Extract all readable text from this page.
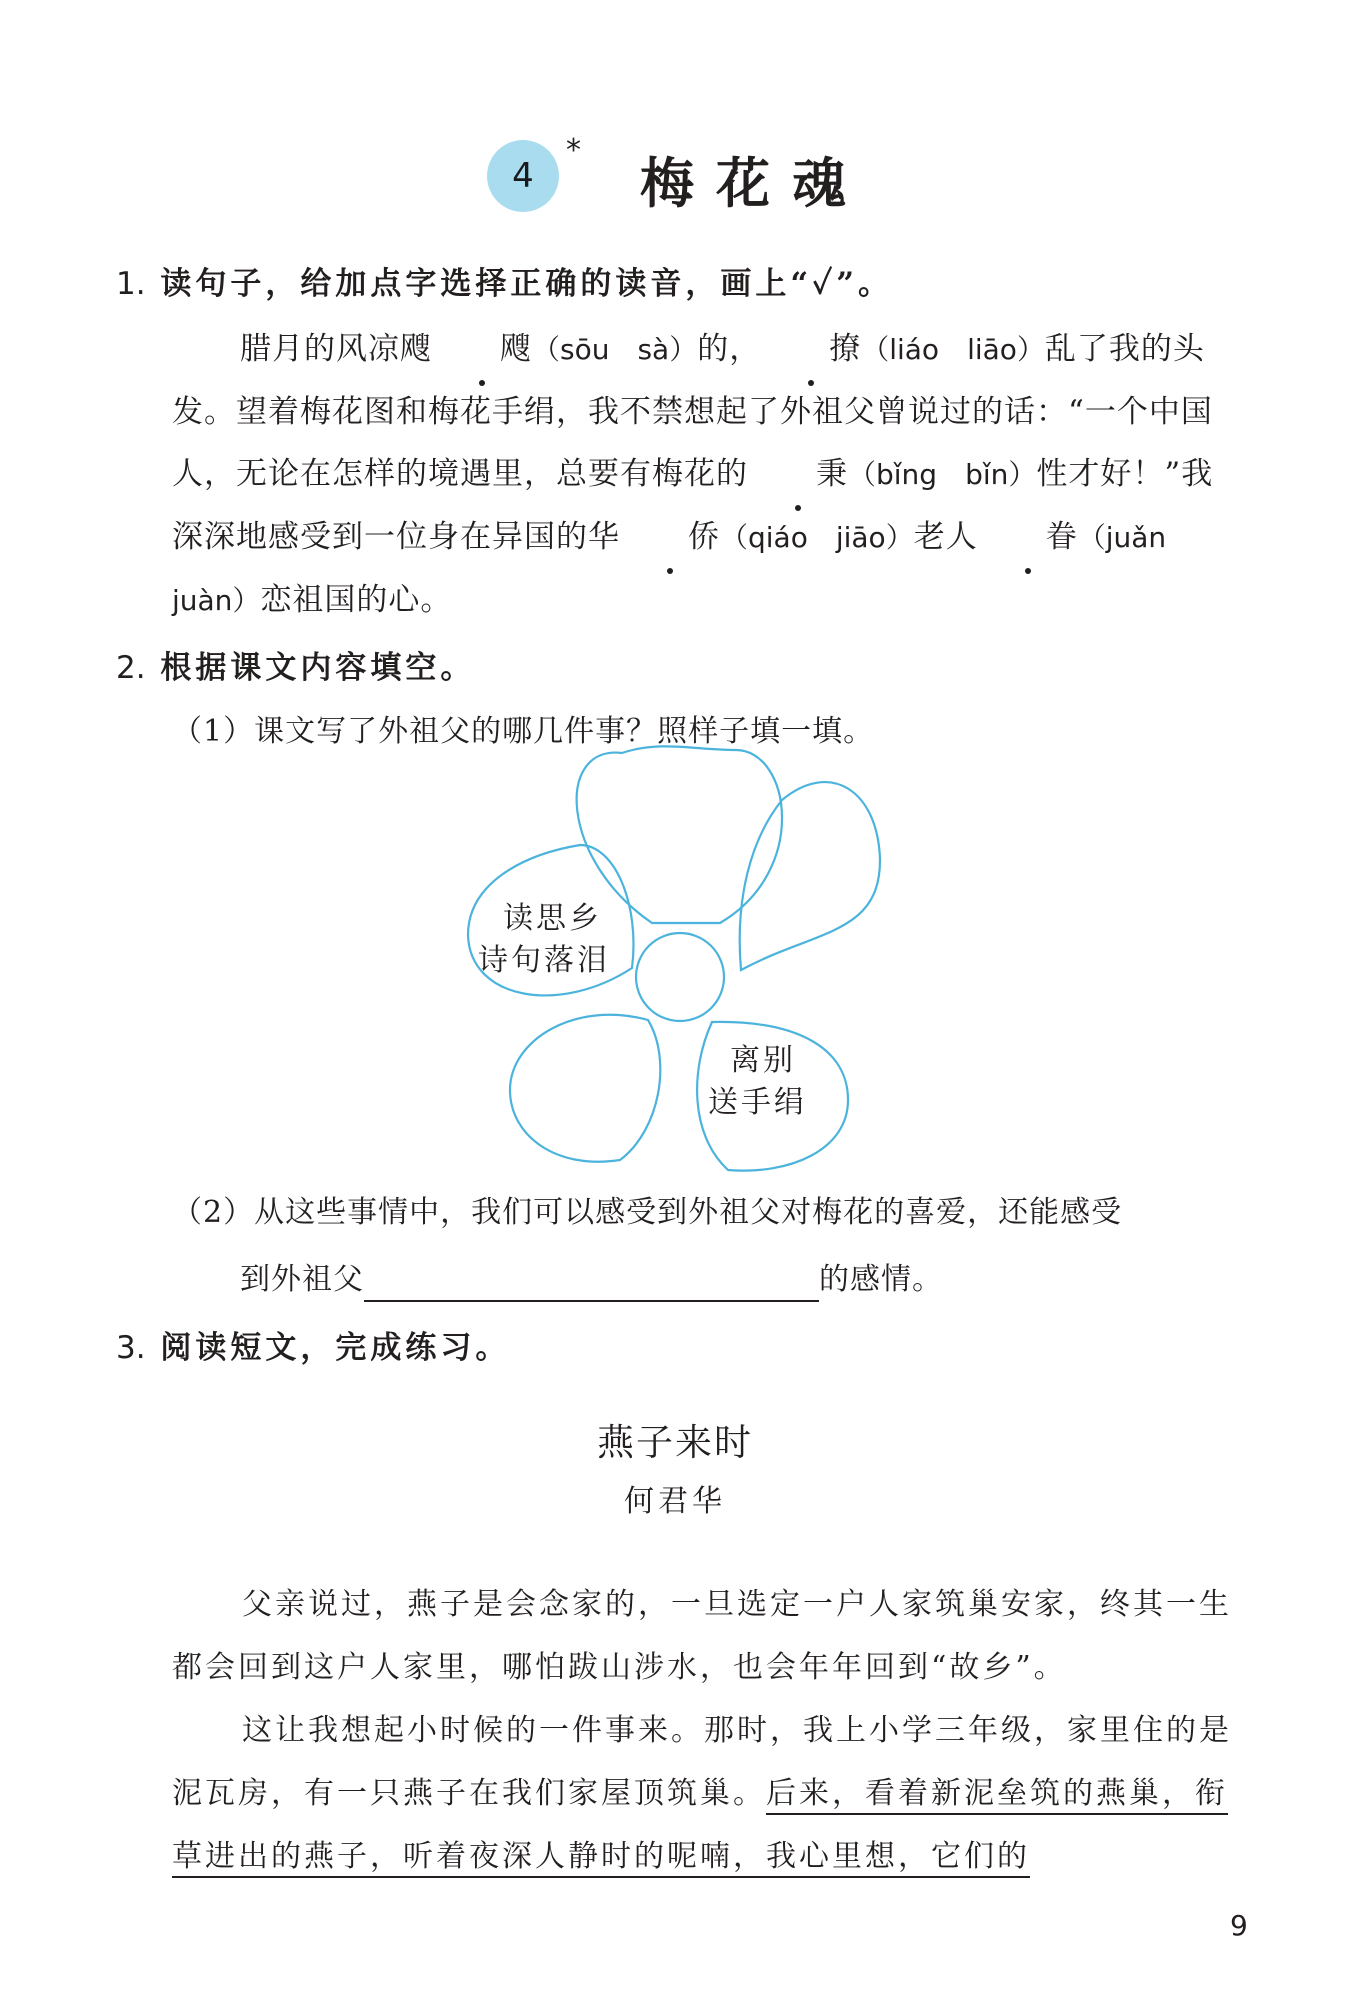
4
*
梅花魂
1. 读句子，给加点字选择正确的读音，画上“✓”。
腊月的风凉飕 飕（sōu　sà）的， 撩（liáo　liāo）乱了我的头发。望着梅花图和梅花手绢，我不禁想起了外祖父曾说过的话：“一个中国人，无论在怎样的境遇里，总要有梅花的 秉（bǐng　bǐn）性才好！”我深深地感受到一位身在异国的华 侨（qiáo　jiāo）老人 眷（juǎn　juàn）恋祖国的心。
2. 根据课文内容填空。
（1）课文写了外祖父的哪几件事？照样子填一填。
读思乡
诗句落泪
离别
送手绢
（2）从这些事情中，我们可以感受到外祖父对梅花的喜爱，还能感受
到外祖父	的感情。
3. 阅读短文，完成练习。
燕子来时
何君华

父亲说过，燕子是会念家的，一旦选定一户人家筑巢安家，终其一生都会回到这户人家里，哪怕跋山涉水，也会年年回到“故乡”。

这让我想起小时候的一件事来。那时，我上小学三年级，家里住的是泥瓦房，有一只燕子在我们家屋顶筑巢。后来，看着新泥垒筑的燕巢，衔草进出的燕子，听着夜深人静时的呢喃，我心里想，它们的

9
